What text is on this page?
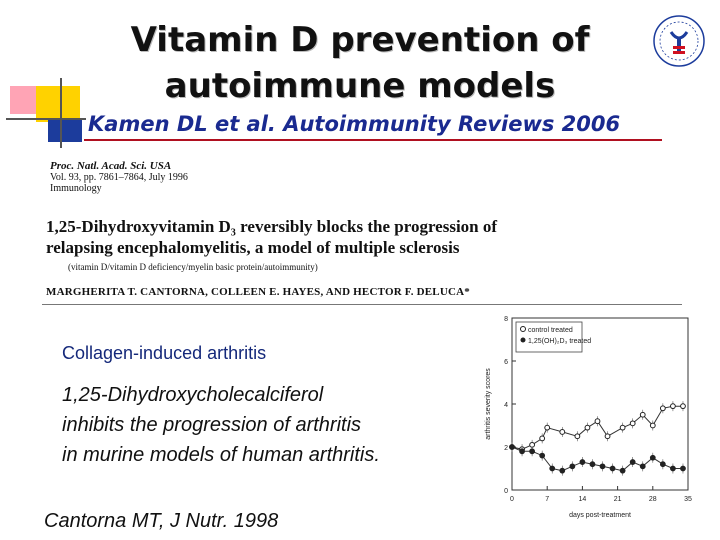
Vitamin D prevention of
autoimmune models
Kamen DL et al. Autoimmunity Reviews 2006
Proc. Natl. Acad. Sci. USA
Vol. 93, pp. 7861–7864, July 1996
Immunology
1,25-Dihydroxyvitamin D₃ reversibly blocks the progression of
relapsing encephalomyelitis, a model of multiple sclerosis
(vitamin D/vitamin D deficiency/myelin basic protein/autoimmunity)
MARGHERITA T. CANTORNA, COLLEEN E. HAYES, AND HECTOR F. DELUCA*
Collagen-induced arthritis
1,25-Dihydroxycholecalciferol
inhibits the progression of arthritis
in murine models of human arthritis.
Cantorna MT, J Nutr. 1998
0
2
4
6
8
0	7	14	21	28	35
control treated
1,25(OH)₂D₃ treated
days post-treatment
arthritis severity scores
